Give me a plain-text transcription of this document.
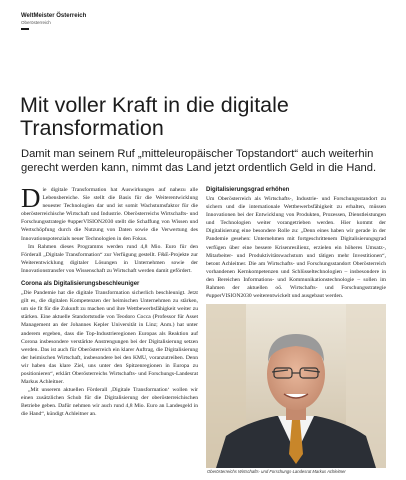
WeltMeister Österreich
Oberösterreich
Mit voller Kraft in die digitale Transformation

Damit man seinem Ruf „mitteleuropäischer Topstandort“ auch weiterhin gerecht werden kann, nimmt das Land jetzt ordentlich Geld in die Hand.

Die digitale Transformation hat Auswirkungen auf nahezu alle Lebensbereiche. Sie stellt die Basis für die Weiterentwicklung neuester Technologien dar und ist somit Wachstumsfaktor für die oberösterreichische Wirtschaft und Industrie. Oberösterreichs Wirtschafts- und Forschungsstrategie #upperVISION2030 stellt die Schaffung von Wissen und Wertschöpfung durch die Nutzung von Daten sowie die Verwertung des Innovationspotenzials neuer Technologien in den Fokus.

Im Rahmen dieses Programms werden rund 4,8 Mio. Euro für den Förderall „Digitale Transformation“ zur Verfügung gestellt. F&E-Projekte zur Weiterentwicklung digitaler Lösungen in Unternehmen sowie der Innovationstransfer von Wissenschaft zu Wirtschaft werden damit gefördert.

Corona als Digitalisierungsbeschleuniger

„Die Pandemie hat die digitale Transformation sicherlich beschleunigt. Jetzt gilt es, die digitalen Kompetenzen der heimischen Unternehmen zu stärken, um sie fit für die Zukunft zu machen und ihre Wettbewerbsfähigkeit weiter zu stärken. Eine aktuelle Standortstudie von Teodoro Cocca (Professor für Asset Management an der Johannes Kepler Universität in Linz; Anm.) hat unter anderem ergeben, dass die Top-Industrieregionen Europas als Reaktion auf Corona insbesondere verstärkte Anstrengungen bei der Digitalisierung setzen werden. Das ist auch für Oberösterreich ein klarer Auftrag, die Digitalisierung der heimischen Wirtschaft, insbesondere bei den KMU, voranzutreiben. Denn wir haben das klare Ziel, uns unter den Spitzenregionen in Europa zu positionieren“, erklärt Oberösterreichs Wirtschafts- und Forschungs-Landesrat Markus Achleitner.

„Mit unserem aktuellen Förderall ‚Digitale Transformation‘ wollen wir einen zusätzlichen Schub für die Digitalisierung der oberösterreichischen Betriebe geben. Dafür nehmen wir auch rund 4,8 Mio. Euro an Landesgeld in die Hand“, kündigt Achleitner an.

Digitalisierungsgrad erhöhen

Um Oberösterreich als Wirtschafts-, Industrie- und Forschungsstandort zu sichern und die internationale Wettbewerbsfähigkeit zu erhalten, müssen Innovationen bei der Entwicklung von Produkten, Prozessen, Dienstleistungen und Technologien weiter vorangetrieben werden. Hier kommt der Digitalisierung eine besondere Rolle zu: „Denn eines haben wir gerade in der Pandemie gesehen: Unternehmen mit fortgeschrittenem Digitalisierungsgrad verfügen über eine bessere Krisenresilienz, erzielen ein höheres Umsatz-, Mitarbeiter- und Produktivitätswachstum und tätigen mehr Investitionen“, betont Achleitner. Die am Wirtschafts- und Forschungsstandort Oberösterreich vorhandenen Kernkompetenzen und Schlüsseltechnologien – insbesondere in den Bereichen Informations- und Kommunikationstechnologie – sollen im Rahmen der aktuellen oö. Wirtschafts- und Forschungsstrategie #upperVISION2030 weiterentwickelt und ausgebaut werden.

Oberösterreichs Wirtschafts- und Forschungs-Landesrat Markus Achleitner
